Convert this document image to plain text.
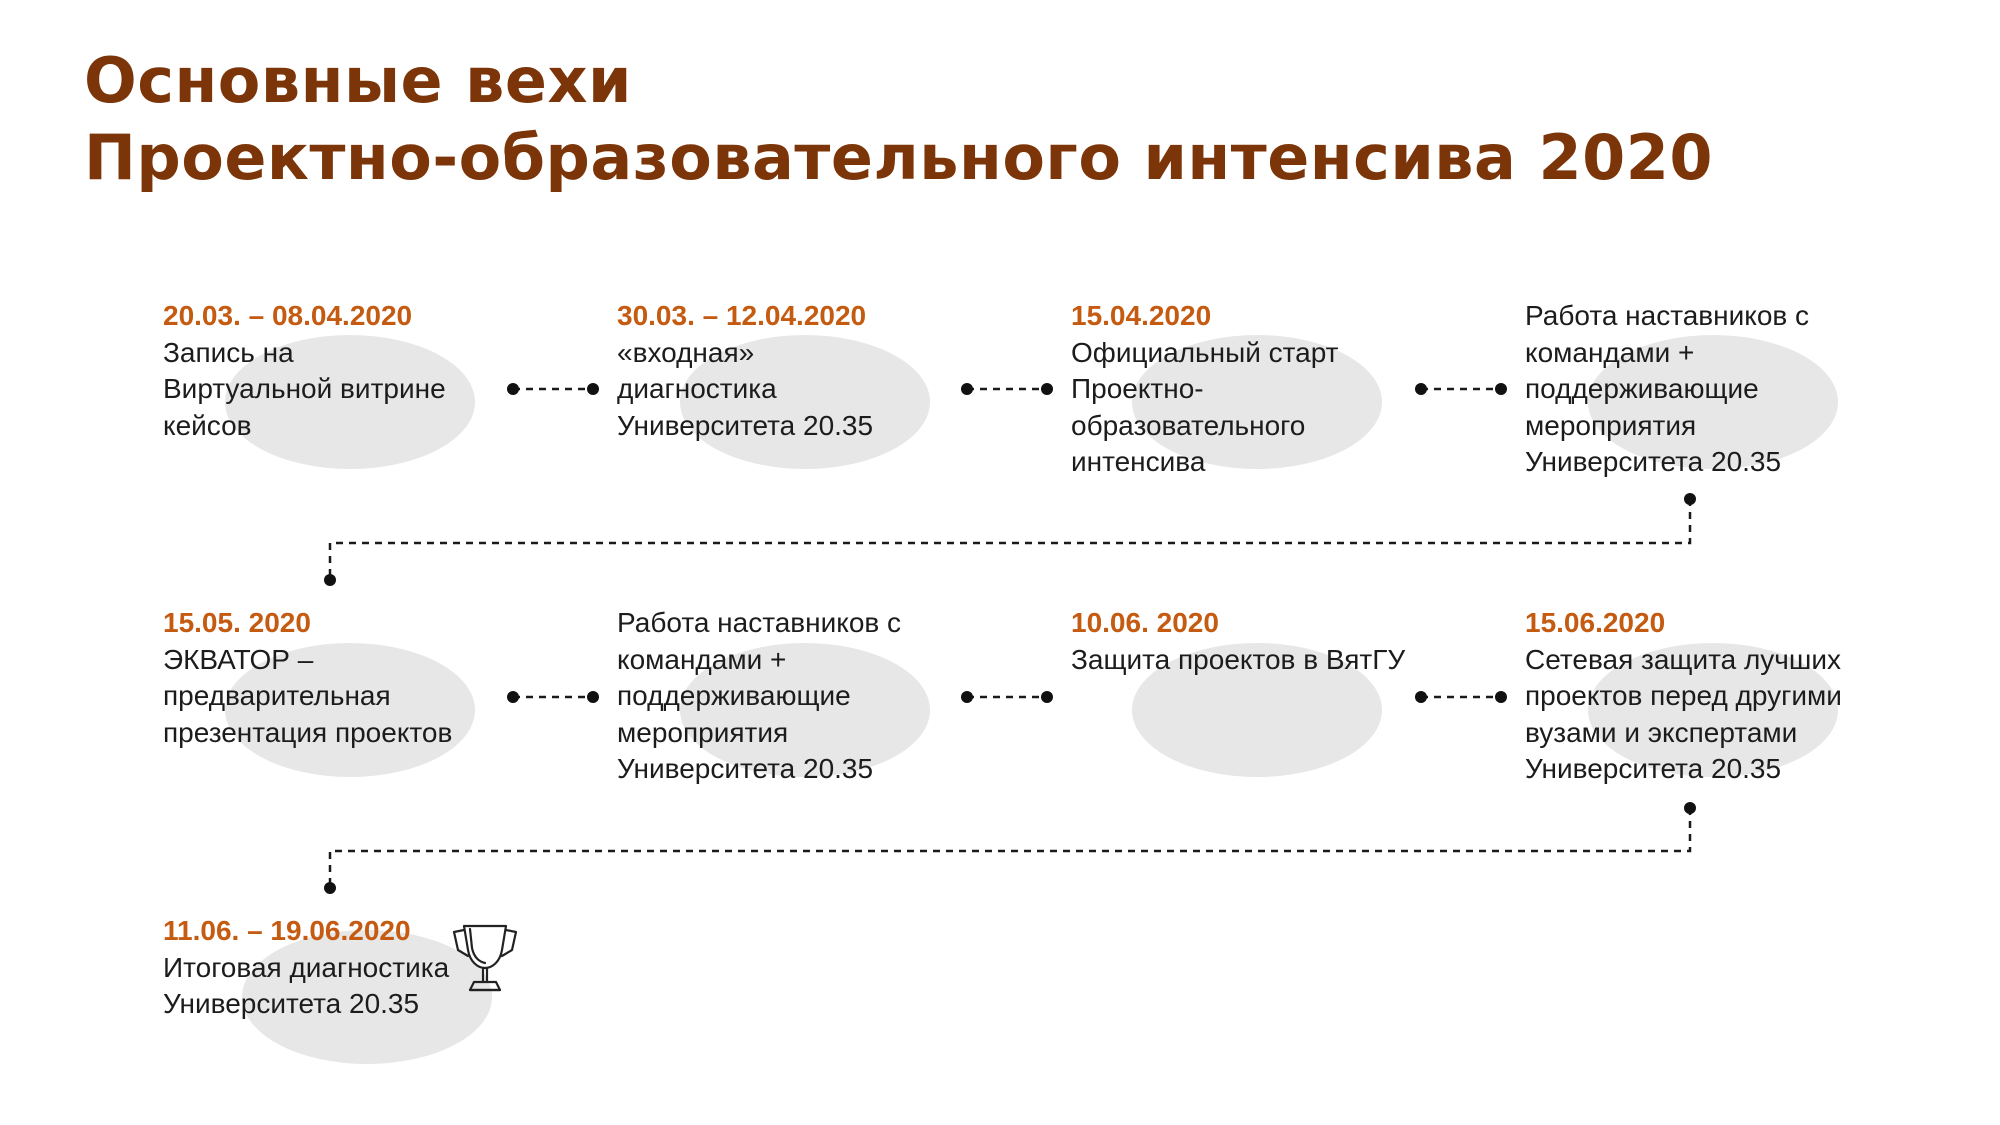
Основные вехи
Проектно-образовательного интенсива 2020
20.03. – 08.04.2020
Запись на Виртуальной витрине кейсов
30.03. – 12.04.2020
«входная» диагностика Университета 20.35
15.04.2020
Официальный старт Проектно-образовательного интенсива
Работа наставников с командами + поддерживающие мероприятия Университета 20.35
15.05. 2020
ЭКВАТОР – предварительная презентация проектов
Работа наставников с командами + поддерживающие мероприятия Университета 20.35
10.06. 2020
Защита проектов в ВятГУ
15.06.2020
Сетевая защита лучших проектов перед другими вузами и экспертами Университета 20.35
11.06. – 19.06.2020
Итоговая диагностика Университета 20.35
